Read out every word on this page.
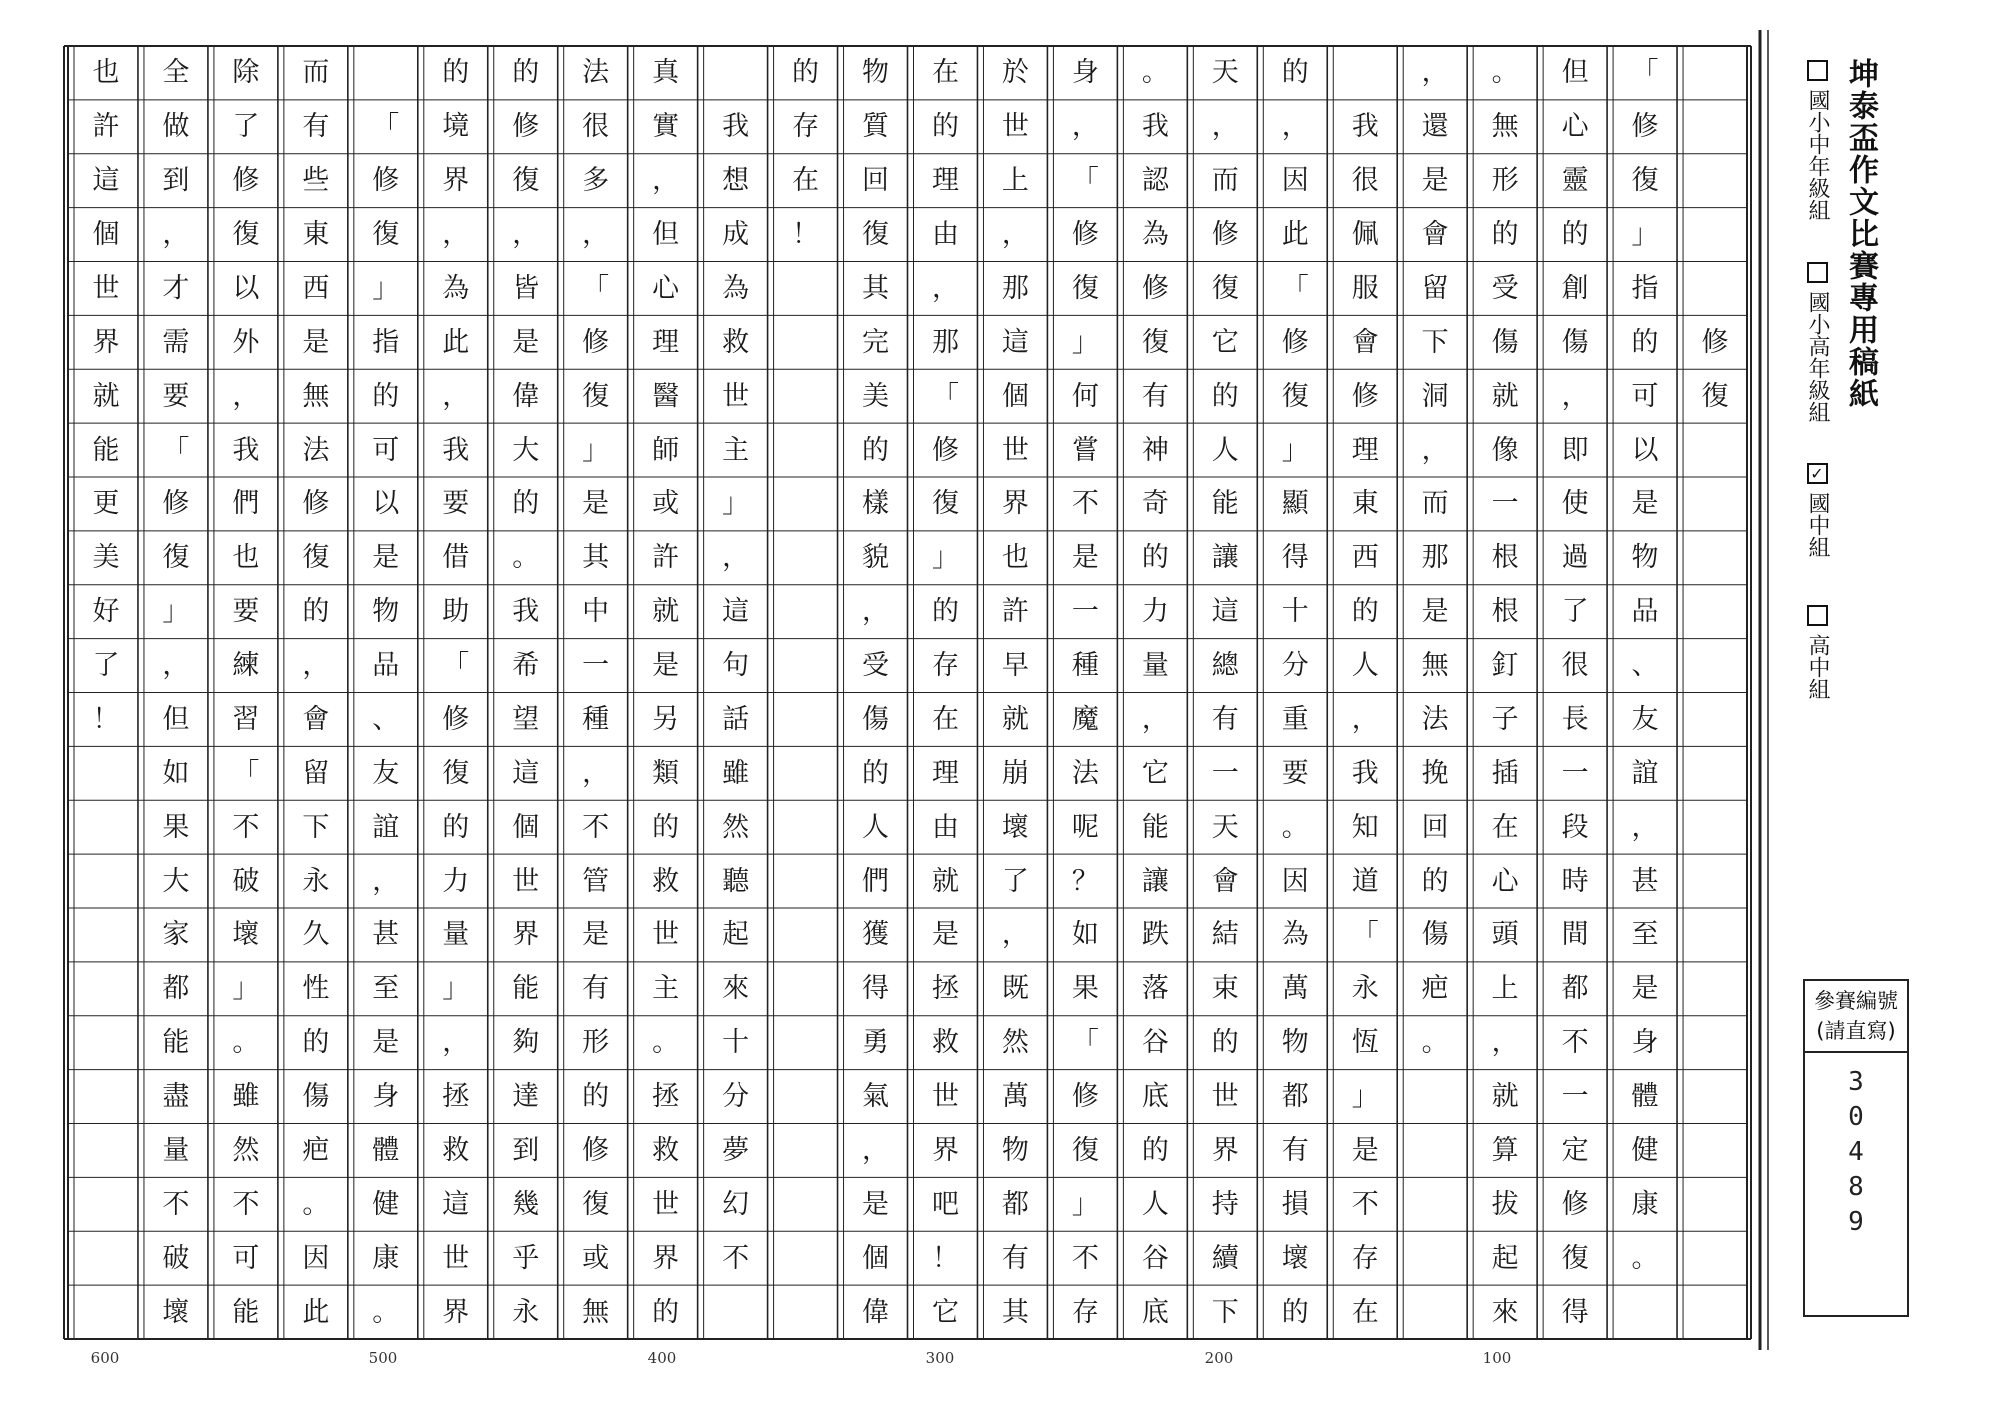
修
復
「
修
復
」
指
的
可
以
是
物
品
、
友
誼
，
甚
至
是
身
體
健
康
。
但
心
靈
的
創
傷
，
即
使
過
了
很
長
一
段
時
間
都
不
一
定
修
復
得
。
無
形
的
受
傷
就
像
一
根
根
釘
子
插
在
心
頭
上
，
就
算
拔
起
來
，
還
是
會
留
下
洞
，
而
那
是
無
法
挽
回
的
傷
疤
。
我
很
佩
服
會
修
理
東
西
的
人
，
我
知
道
「
永
恆
」
是
不
存
在
的
，
因
此
「
修
復
」
顯
得
十
分
重
要
。
因
為
萬
物
都
有
損
壞
的
天
，
而
修
復
它
的
人
能
讓
這
總
有
一
天
會
結
束
的
世
界
持
續
下
。
我
認
為
修
復
有
神
奇
的
力
量
，
它
能
讓
跌
落
谷
底
的
人
谷
底
身
，
「
修
復
」
何
嘗
不
是
一
種
魔
法
呢
？
如
果
「
修
復
」
不
存
於
世
上
，
那
這
個
世
界
也
許
早
就
崩
壞
了
，
既
然
萬
物
都
有
其
在
的
理
由
，
那
「
修
復
」
的
存
在
理
由
就
是
拯
救
世
界
吧
！
它
物
質
回
復
其
完
美
的
樣
貌
，
受
傷
的
人
們
獲
得
勇
氣
，
是
個
偉
的
存
在
！
我
想
成
為
救
世
主
」
，
這
句
話
雖
然
聽
起
來
十
分
夢
幻
不
真
實
，
但
心
理
醫
師
或
許
就
是
另
類
的
救
世
主
。
拯
救
世
界
的
法
很
多
，
「
修
復
」
是
其
中
一
種
，
不
管
是
有
形
的
修
復
或
無
的
修
復
，
皆
是
偉
大
的
。
我
希
望
這
個
世
界
能
夠
達
到
幾
乎
永
的
境
界
，
為
此
，
我
要
借
助
「
修
復
的
力
量
」
，
拯
救
這
世
界
「
修
復
」
指
的
可
以
是
物
品
、
友
誼
，
甚
至
是
身
體
健
康
。
而
有
些
東
西
是
無
法
修
復
的
，
會
留
下
永
久
性
的
傷
疤
。
因
此
除
了
修
復
以
外
，
我
們
也
要
練
習
「
不
破
壞
」
。
雖
然
不
可
能
全
做
到
，
才
需
要
「
修
復
」
，
但
如
果
大
家
都
能
盡
量
不
破
壞
也
許
這
個
世
界
就
能
更
美
好
了
！
600	500	400	300	200	100
坤泰盃作文比賽專用稿紙
國小中年級組
國小高年級組
✓國中組
高中組
參賽編號
(請直寫)
3
0
4
8
9
